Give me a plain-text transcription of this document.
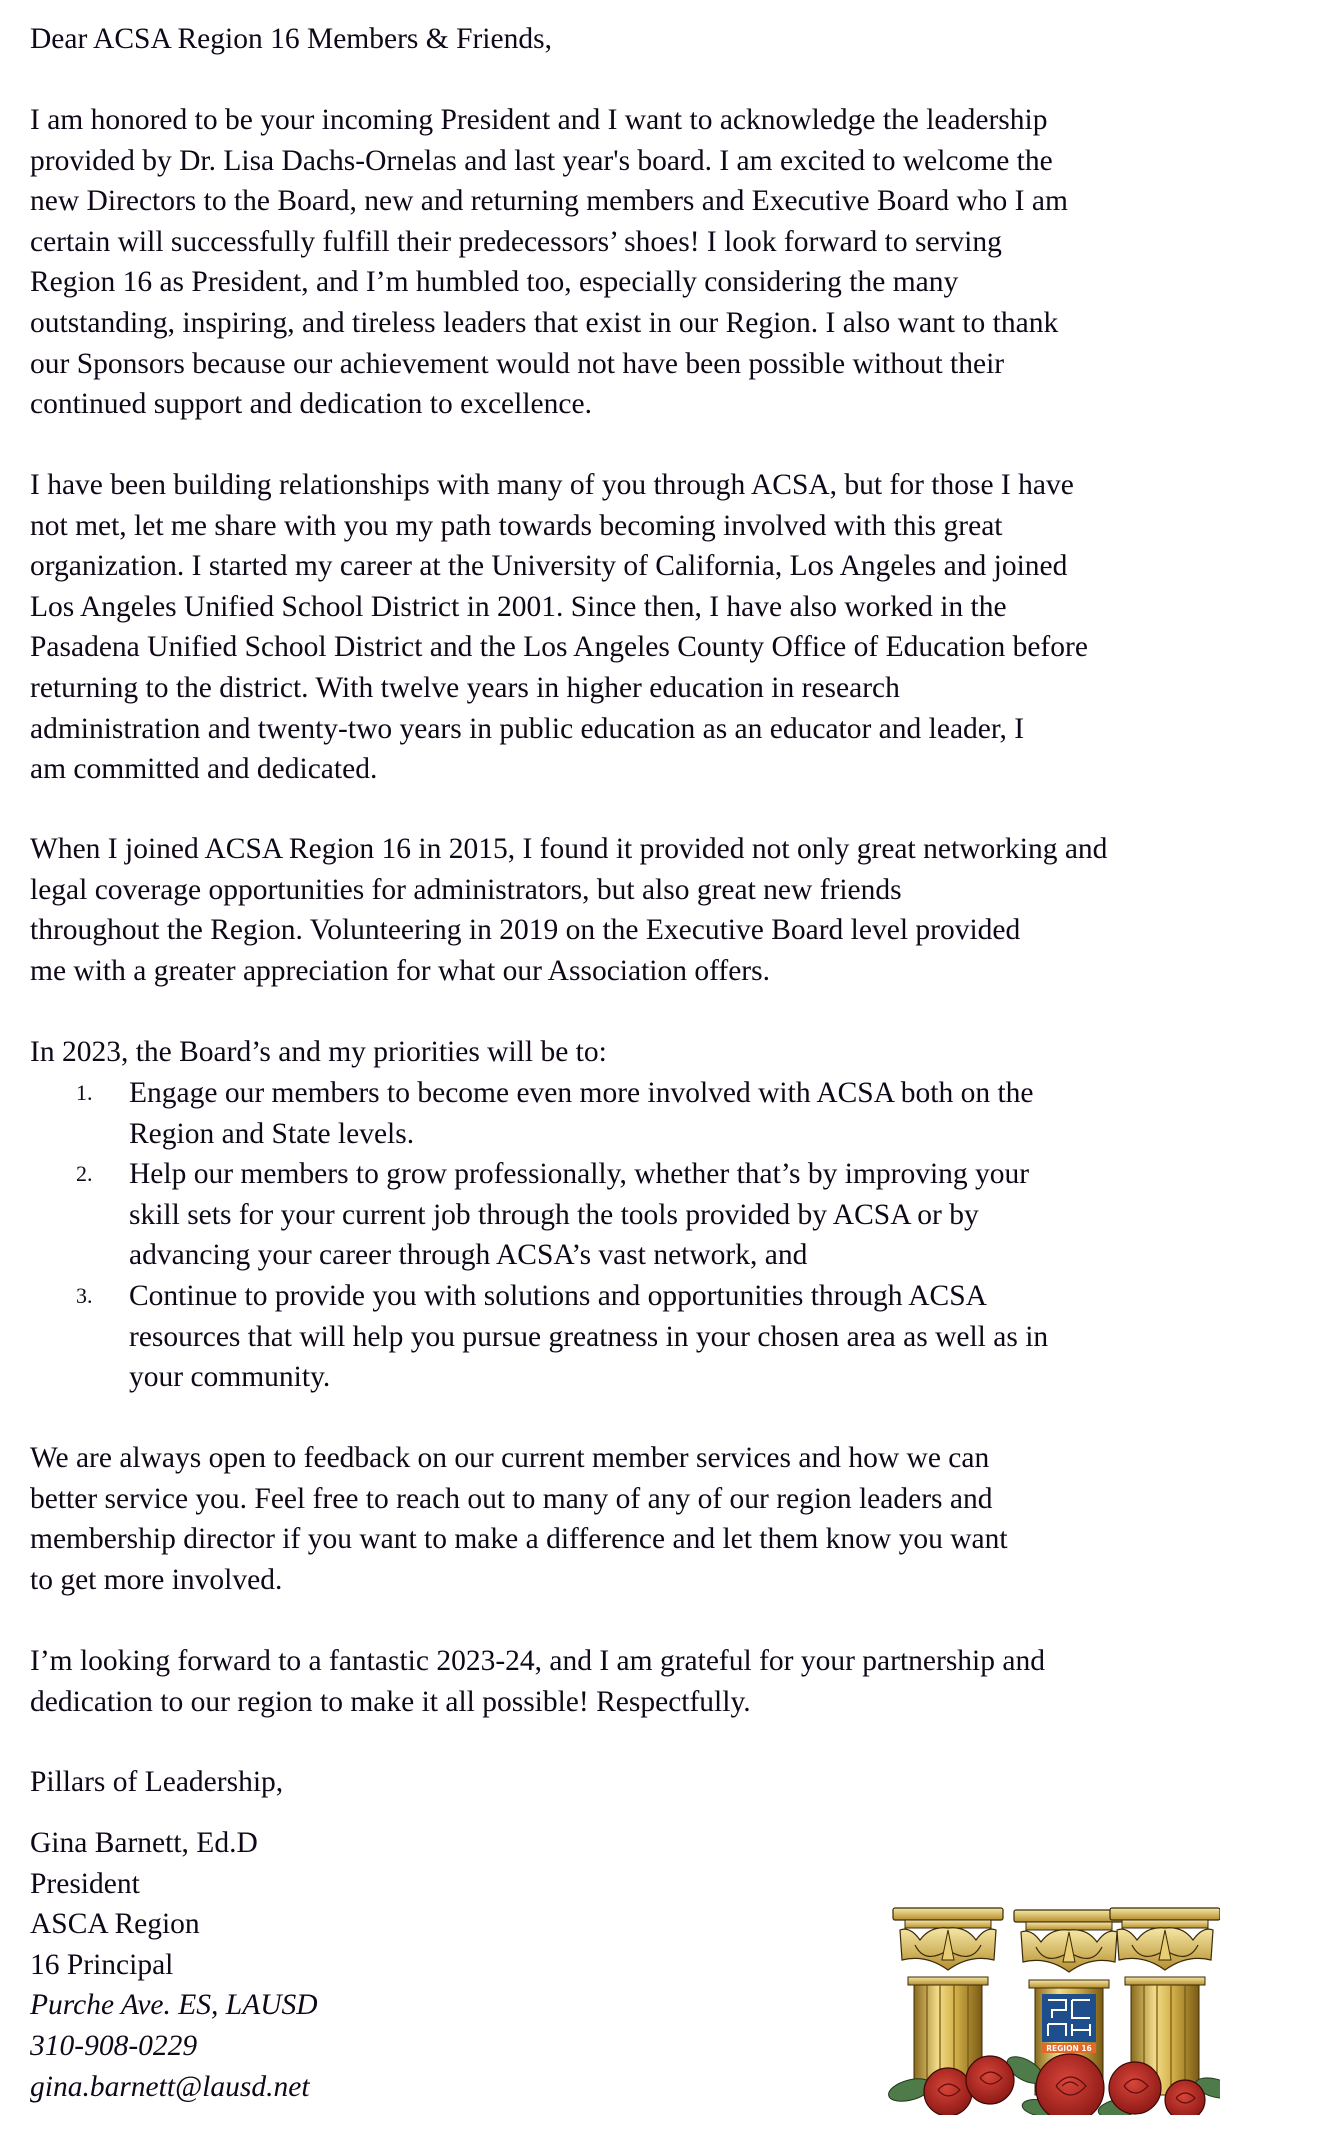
Dear ACSA Region 16 Members & Friends,
I am honored to be your incoming President and I want to acknowledge the leadership
provided by Dr. Lisa Dachs-Ornelas and last year's board. I am excited to welcome the
new Directors to the Board, new and returning members and Executive Board who I am
certain will successfully fulfill their predecessors’ shoes! I look forward to serving
Region 16 as President, and I’m humbled too, especially considering the many
outstanding, inspiring, and tireless leaders that exist in our Region. I also want to thank
our Sponsors because our achievement would not have been possible without their
continued support and dedication to excellence.
I have been building relationships with many of you through ACSA, but for those I have
not met, let me share with you my path towards becoming involved with this great
organization. I started my career at the University of California, Los Angeles and joined
Los Angeles Unified School District in 2001. Since then, I have also worked in the
Pasadena Unified School District and the Los Angeles County Office of Education before
returning to the district. With twelve years in higher education in research
administration and twenty-two years in public education as an educator and leader, I
am committed and dedicated.
When I joined ACSA Region 16 in 2015, I found it provided not only great networking and
legal coverage opportunities for administrators, but also great new friends
throughout the Region. Volunteering in 2019 on the Executive Board level provided
me with a greater appreciation for what our Association offers.
In 2023, the Board’s and my priorities will be to:
1. Engage our members to become even more involved with ACSA both on the
Region and State levels.
2. Help our members to grow professionally, whether that’s by improving your
skill sets for your current job through the tools provided by ACSA or by
advancing your career through ACSA’s vast network, and
3. Continue to provide you with solutions and opportunities through ACSA
resources that will help you pursue greatness in your chosen area as well as in
your community.
We are always open to feedback on our current member services and how we can
better service you. Feel free to reach out to many of any of our region leaders and
membership director if you want to make a difference and let them know you want
to get more involved.
I’m looking forward to a fantastic 2023-24, and I am grateful for your partnership and
dedication to our region to make it all possible! Respectfully.
Pillars of Leadership,
Gina Barnett, Ed.D
President
ASCA Region
16 Principal
Purche Ave. ES, LAUSD
310-908-0229
gina.barnett@lausd.net
REGION 16
